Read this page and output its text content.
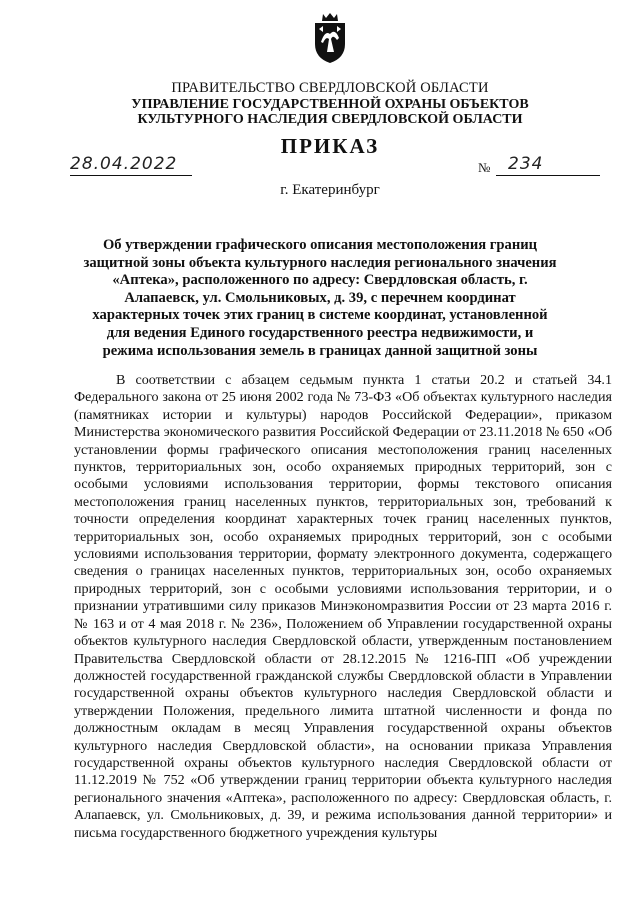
ПРАВИТЕЛЬСТВО СВЕРДЛОВСКОЙ ОБЛАСТИ
УПРАВЛЕНИЕ ГОСУДАРСТВЕННОЙ ОХРАНЫ ОБЪЕКТОВ КУЛЬТУРНОГО НАСЛЕДИЯ СВЕРДЛОВСКОЙ ОБЛАСТИ
ПРИКАЗ
28.04.2022	№ 234
г. Екатеринбург
Об утверждении графического описания местоположения границ защитной зоны объекта культурного наследия регионального значения «Аптека», расположенного по адресу: Свердловская область, г. Алапаевск, ул. Смольниковых, д. 39, с перечнем координат характерных точек этих границ в системе координат, установленной для ведения Единого государственного реестра недвижимости, и режима использования земель в границах данной защитной зоны
В соответствии с абзацем седьмым пункта 1 статьи 20.2 и статьей 34.1 Федерального закона от 25 июня 2002 года № 73-ФЗ «Об объектах культурного наследия (памятниках истории и культуры) народов Российской Федерации», приказом Министерства экономического развития Российской Федерации от 23.11.2018 № 650 «Об установлении формы графического описания местоположения границ населенных пунктов, территориальных зон, особо охраняемых природных территорий, зон с особыми условиями использования территории, формы текстового описания местоположения границ населенных пунктов, территориальных зон, требований к точности определения координат характерных точек границ населенных пунктов, территориальных зон, особо охраняемых природных территорий, зон с особыми условиями использования территории, формату электронного документа, содержащего сведения о границах населенных пунктов, территориальных зон, особо охраняемых природных территорий, зон с особыми условиями использования территории, и о признании утратившими силу приказов Минэкономразвития России от 23 марта 2016 г. № 163 и от 4 мая 2018 г. № 236», Положением об Управлении государственной охраны объектов культурного наследия Свердловской области, утвержденным постановлением Правительства Свердловской области от 28.12.2015 № 1216-ПП «Об учреждении должностей государственной гражданской службы Свердловской области в Управлении государственной охраны объектов культурного наследия Свердловской области и утверждении Положения, предельного лимита штатной численности и фонда по должностным окладам в месяц Управления государственной охраны объектов культурного наследия Свердловской области», на основании приказа Управления государственной охраны объектов культурного наследия Свердловской области от 11.12.2019 № 752 «Об утверждении границ территории объекта культурного наследия регионального значения «Аптека», расположенного по адресу: Свердловская область, г. Алапаевск, ул. Смольниковых, д. 39, и режима использования данной территории» и письма государственного бюджетного учреждения культуры
